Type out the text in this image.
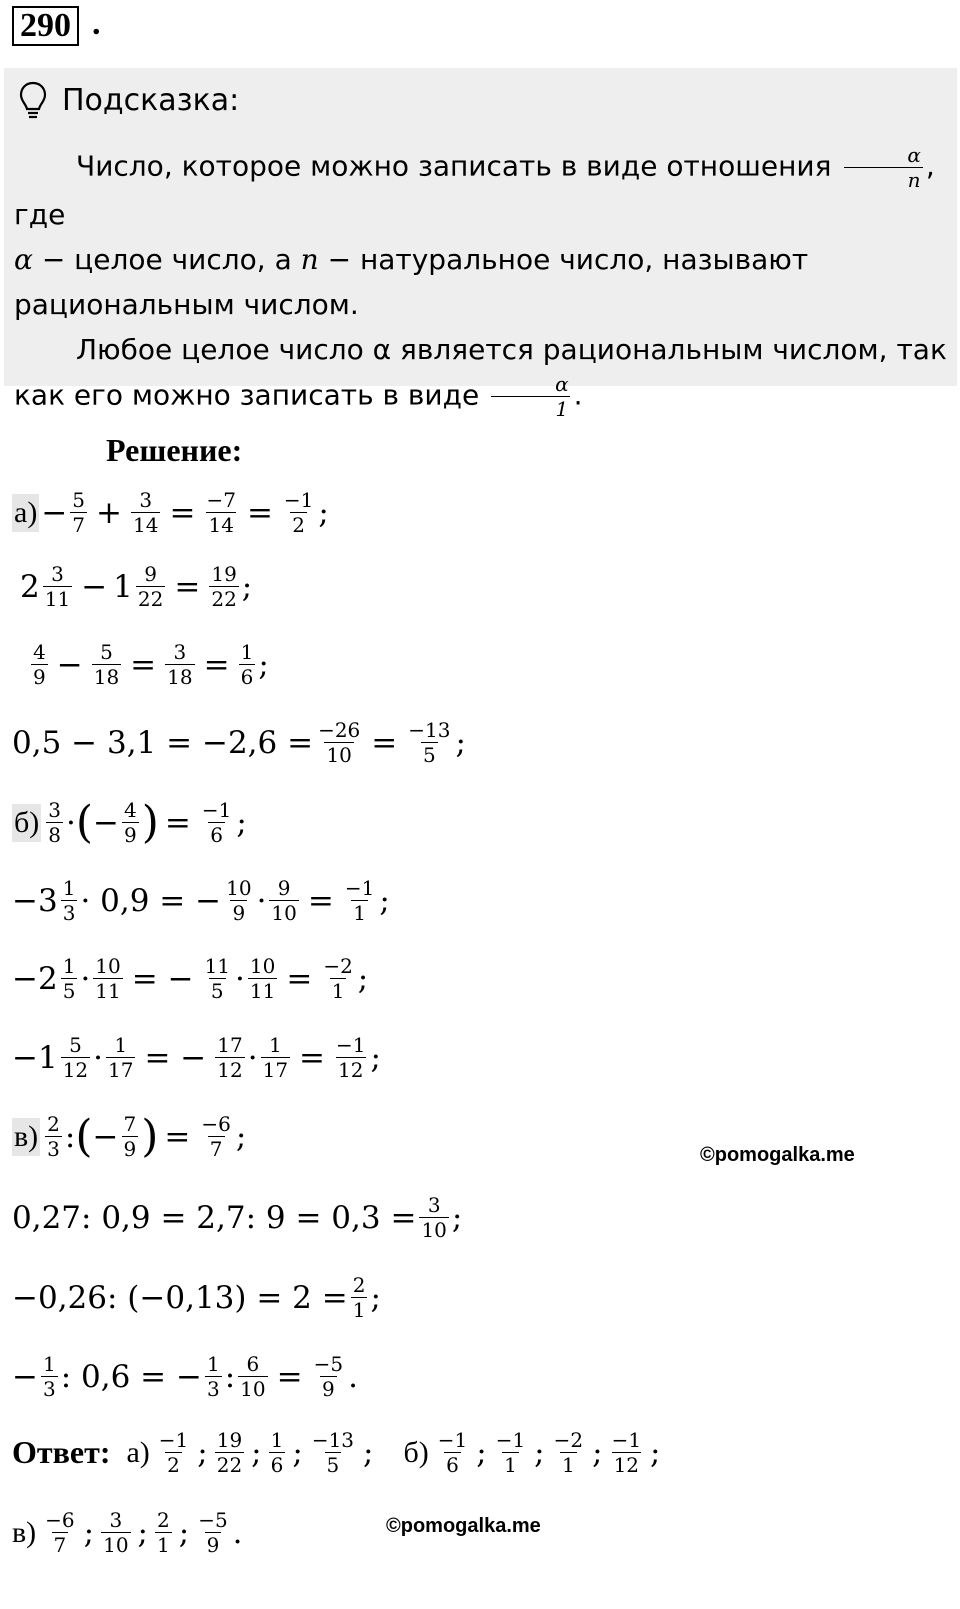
290 .
Подсказка:

Число, которое можно записать в виде отношения $\frac{\alpha}{n}$ , где
α − целое число, а n − натуральное число, называют рациональным числом.

Любое целое число α является рациональным числом, так как его можно записать в виде $\frac{\alpha}{1}$ .

Решение:
$а) - \frac{5}{7} + \frac{3}{14} = \frac{-7}{14} = \frac{-1}{2}$ ;
$2 \frac{3}{11} - 1 \frac{9}{22} = \frac{19}{22}$ ;
$\frac{4}{9} - \frac{5}{18} = \frac{3}{18} = \frac{1}{6}$ ;
$0,5 - 3,1 = -2,6 = \frac{-26}{10} = \frac{-13}{5}$ ;
$б) \frac{3}{8}$ · ( − $\frac{4}{9}$ ) = $\frac{-1}{6}$ ;
$-3 \frac{1}{3} \cdot 0,9$ = − $\frac{10}{9} \cdot \frac{9}{10} = \frac{-1}{1}$ ;
$-2 \frac{1}{5} \cdot \frac{10}{11}$ = − $\frac{11}{5} \cdot \frac{10}{11} = \frac{-2}{1}$ ;
$-1 \frac{5}{12} \cdot \frac{1}{17}$ = − $\frac{17}{12} \cdot \frac{1}{17} = \frac{-1}{12}$ ;
$в) \frac{2}{3}$ : ( − $\frac{7}{9}$ ) = $\frac{-6}{7}$ ;
©pomogalka.me
0,27: 0,9 = 2,7: $9 = 0,3 = \frac{3}{10}$ ;
−0,26: $(-0,13) = 2 = \frac{2}{1}$ ;
− $\frac{1}{3}$ : 0,6 = − $\frac{1}{3}$ : $\frac{6}{10} = \frac{-5}{9}$ .
Ответ: $а) \frac{-1}{2}$ ; $\frac{19}{22}$ ; $\frac{1}{6}$ ; $\frac{-13}{5}$ ; $б) \frac{-1}{6}$ ; $\frac{-1}{1}$ ; $\frac{-2}{1}$ ; $\frac{-1}{12}$ ;
$в) \frac{-6}{7}$ ; $\frac{3}{10}$ ; $\frac{2}{1}$ ; $\frac{-5}{9}$ .	©pomogalka.me
